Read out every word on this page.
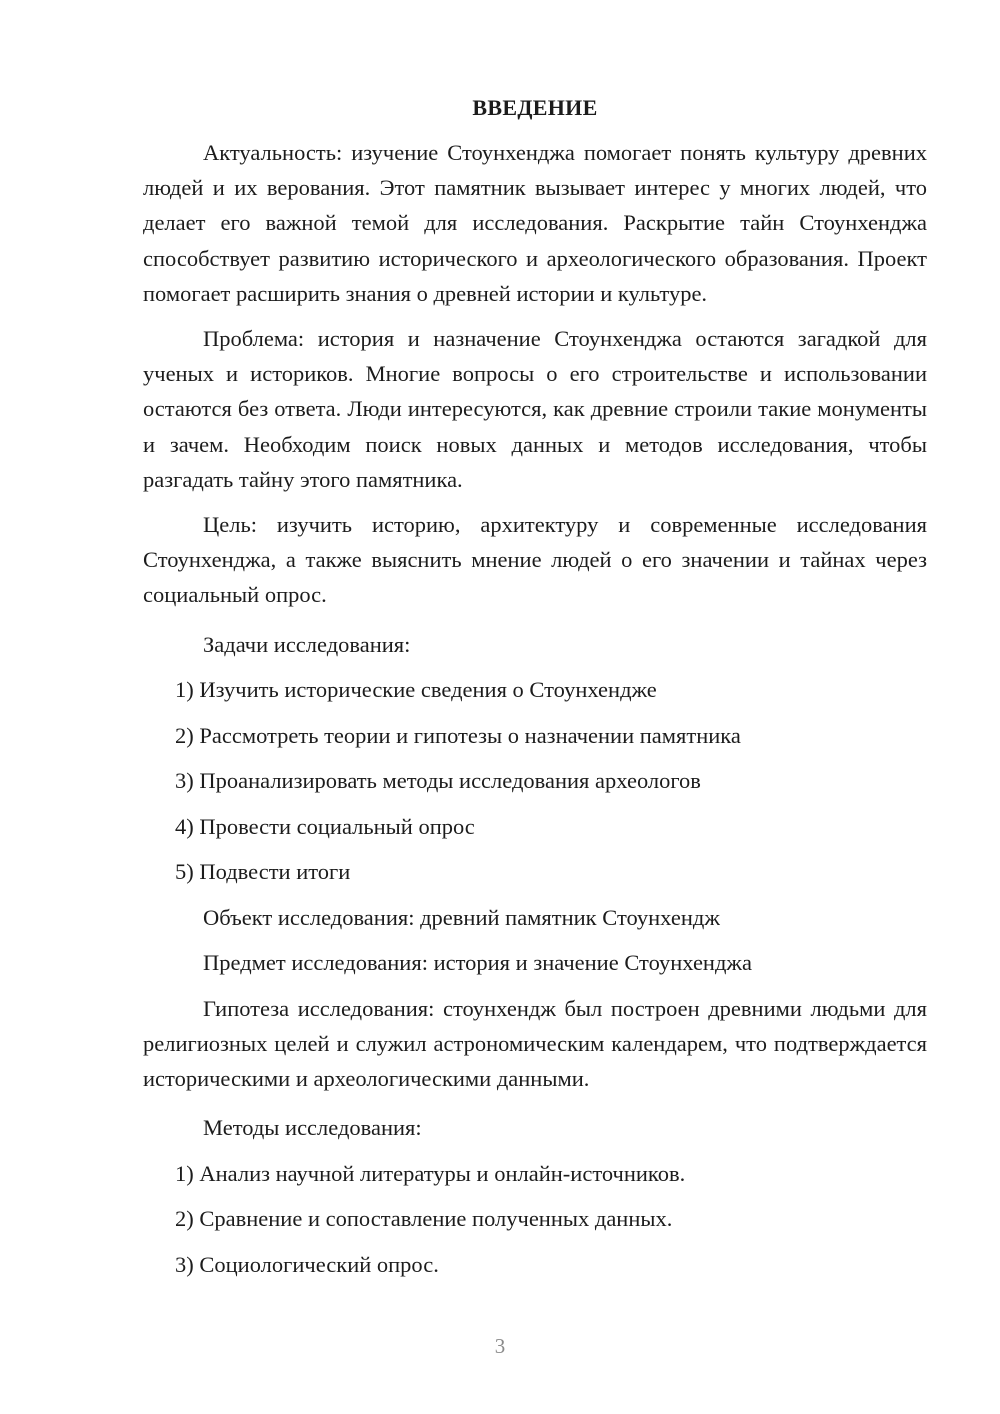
ВВЕДЕНИЕ

Актуальность: изучение Стоунхенджа помогает понять культуру древних людей и их верования. Этот памятник вызывает интерес у многих людей, что делает его важной темой для исследования. Раскрытие тайн Стоунхенджа способствует развитию исторического и археологического образования. Проект помогает расширить знания о древней истории и культуре.

Проблема: история и назначение Стоунхенджа остаются загадкой для ученых и историков. Многие вопросы о его строительстве и использовании остаются без ответа. Люди интересуются, как древние строили такие монументы и зачем. Необходим поиск новых данных и методов исследования, чтобы разгадать тайну этого памятника.

Цель: изучить историю, архитектуру и современные исследования Стоунхенджа, а также выяснить мнение людей о его значении и тайнах через социальный опрос.

Задачи исследования:
1) Изучить исторические сведения о Стоунхендже
2) Рассмотреть теории и гипотезы о назначении памятника
3) Проанализировать методы исследования археологов
4) Провести социальный опрос
5) Подвести итоги
Объект исследования: древний памятник Стоунхендж
Предмет исследования: история и значение Стоунхенджа

Гипотеза исследования: стоунхендж был построен древними людьми для религиозных целей и служил астрономическим календарем, что подтверждается историческими и археологическими данными.

Методы исследования:
1) Анализ научной литературы и онлайн-источников.
2) Сравнение и сопоставление полученных данных.
3) Социологический опрос.
3
